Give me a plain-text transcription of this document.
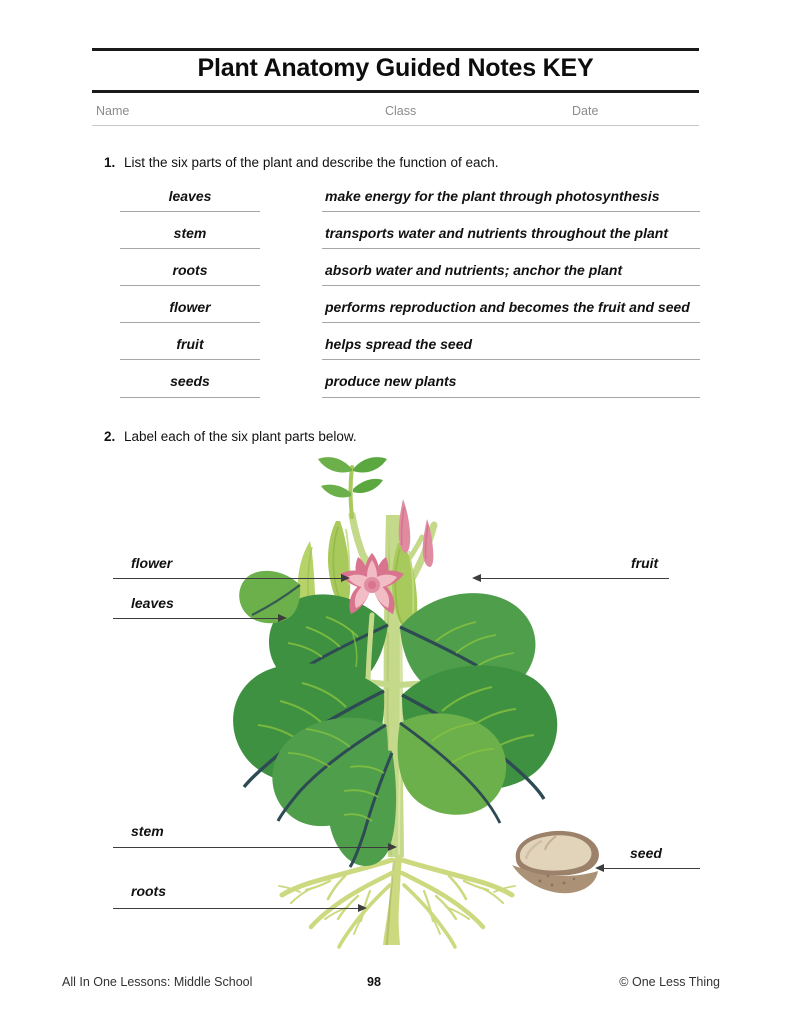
Plant Anatomy Guided Notes KEY
Name	Class	Date
1. List the six parts of the plant and describe the function of each.
leaves	make energy for the plant through photosynthesis
stem	transports water and nutrients throughout the plant
roots	absorb water and nutrients; anchor the plant
flower	performs reproduction and becomes the fruit and seed
fruit	helps spread the seed
seeds	produce new plants
2. Label each of the six plant parts below.
flower
leaves
fruit
stem
roots
seed
All In One Lessons: Middle School	98	© One Less Thing
